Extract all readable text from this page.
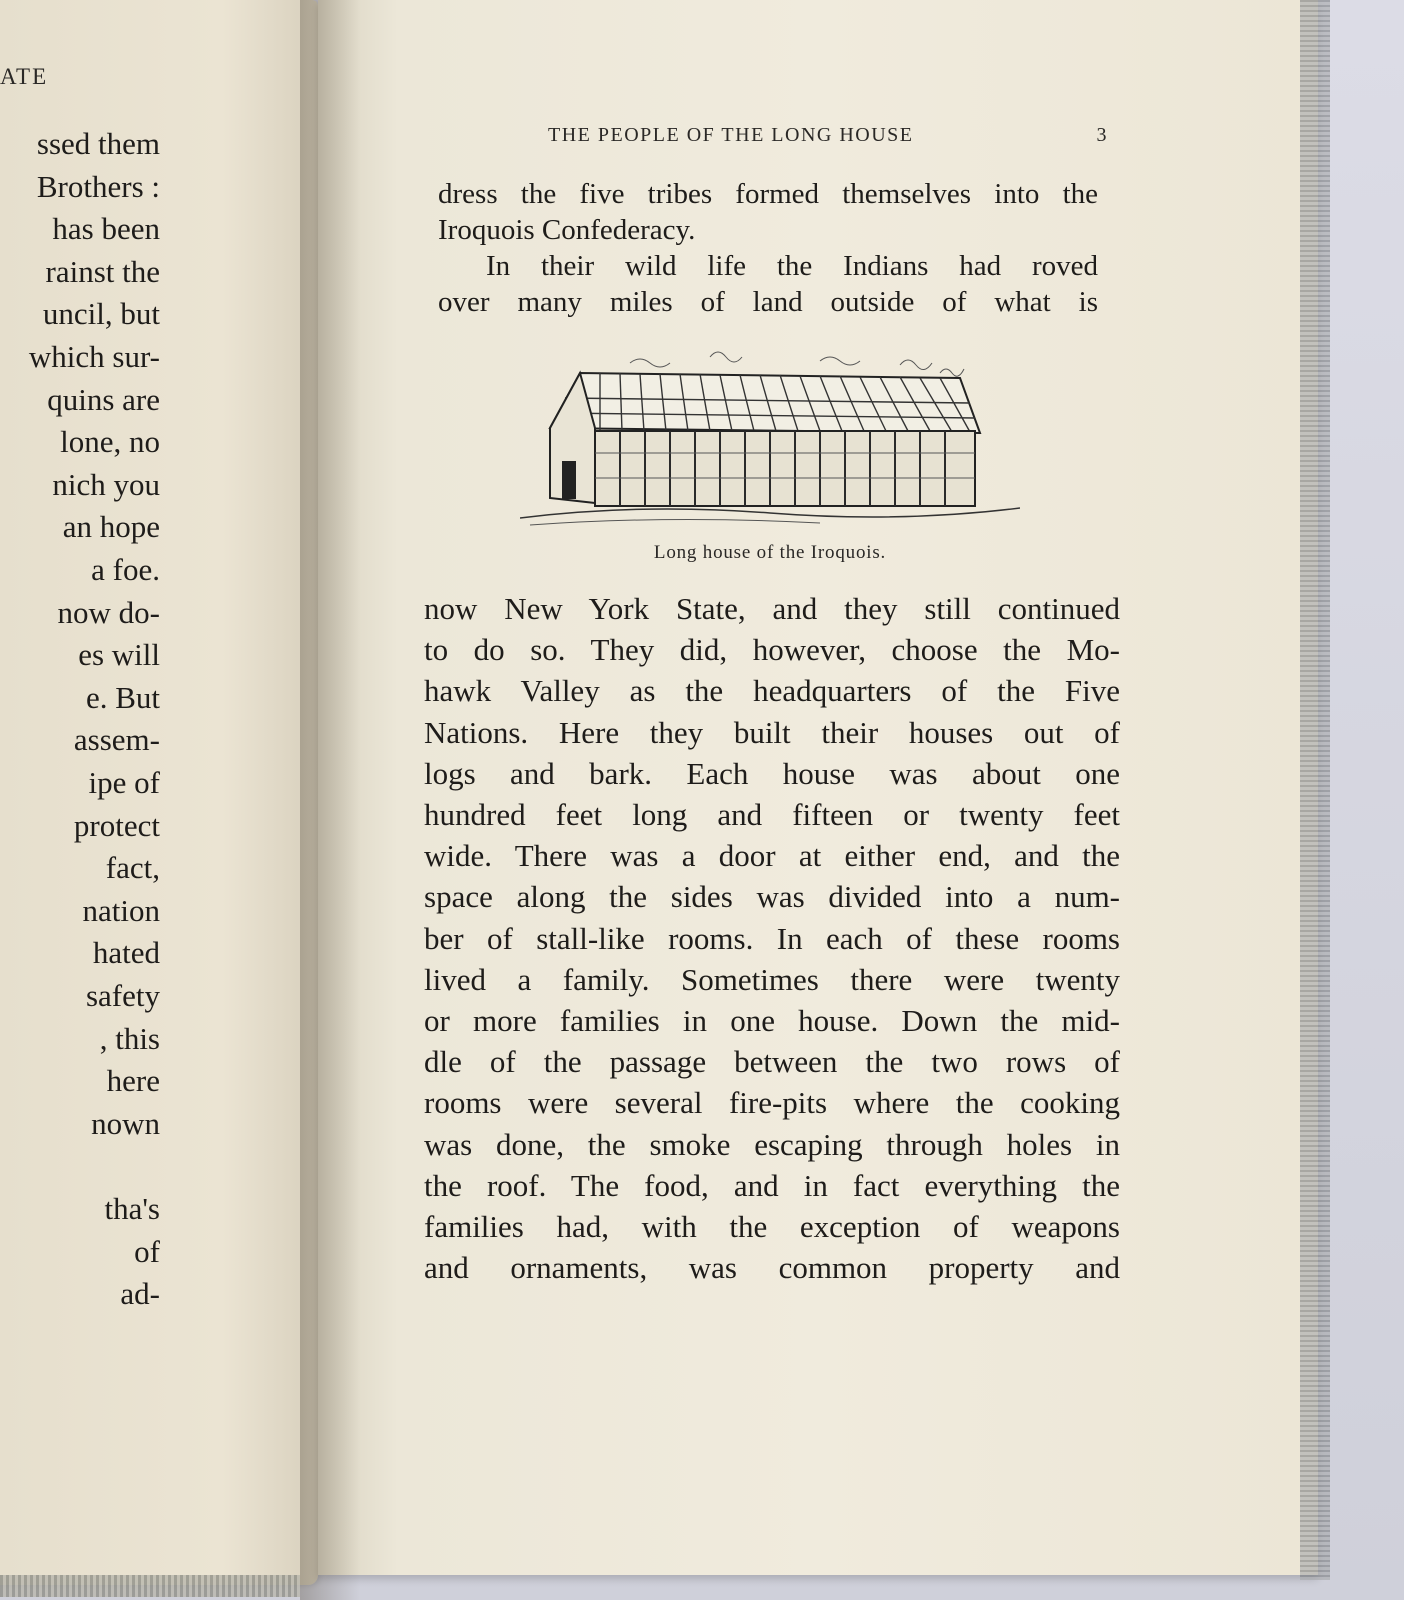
ATE
ssed them
Brothers :
has been
rainst the
uncil, but
which sur-
quins are
lone, no
nich you
an hope
a foe.
now do-
es will
e. But
assem-
ipe of
protect
fact,
nation
hated
safety
, this
here
nown
tha's
of
ad-
THE PEOPLE OF THE LONG HOUSE	3
dress the five tribes formed themselves into the
Iroquois Confederacy.
In their wild life the Indians had roved
over many miles of land outside of what is
Long house of the Iroquois.
now New York State, and they still continued
to do so. They did, however, choose the Mo-
hawk Valley as the headquarters of the Five
Nations. Here they built their houses out of
logs and bark. Each house was about one
hundred feet long and fifteen or twenty feet
wide. There was a door at either end, and the
space along the sides was divided into a num-
ber of stall-like rooms. In each of these rooms
lived a family. Sometimes there were twenty
or more families in one house. Down the mid-
dle of the passage between the two rows of
rooms were several fire-pits where the cooking
was done, the smoke escaping through holes in
the roof. The food, and in fact everything the
families had, with the exception of weapons
and ornaments, was common property and
